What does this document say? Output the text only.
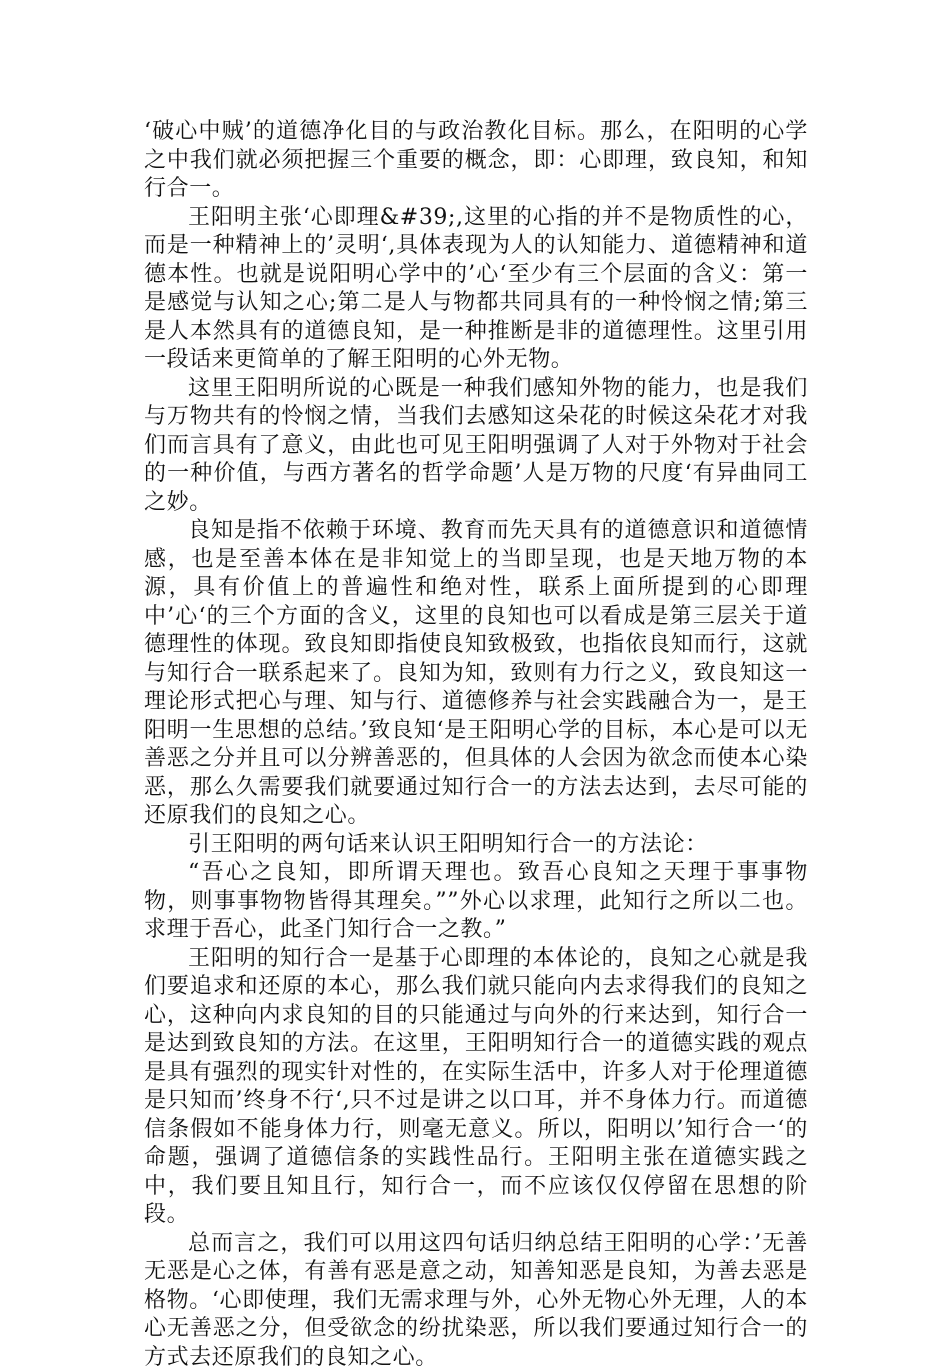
‘破心中贼’的道德净化目的与政治教化目标。那么，在阳明的心学之中我们就必须把握三个重要的概念，即：心即理，致良知，和知行合一。

王阳明主张‘心即理&#39;,这里的心指的并不是物质性的心，而是一种精神上的’灵明‘,具体表现为人的认知能力、道德精神和道德本性。也就是说阳明心学中的’心‘至少有三个层面的含义：第一是感觉与认知之心;第二是人与物都共同具有的一种怜悯之情;第三是人本然具有的道德良知，是一种推断是非的道德理性。这里引用一段话来更简单的了解王阳明的心外无物。

这里王阳明所说的心既是一种我们感知外物的能力，也是我们与万物共有的怜悯之情，当我们去感知这朵花的时候这朵花才对我们而言具有了意义，由此也可见王阳明强调了人对于外物对于社会的一种价值，与西方著名的哲学命题’人是万物的尺度‘有异曲同工之妙。

良知是指不依赖于环境、教育而先天具有的道德意识和道德情感，也是至善本体在是非知觉上的当即呈现，也是天地万物的本源，具有价值上的普遍性和绝对性，联系上面所提到的心即理中’心‘的三个方面的含义，这里的良知也可以看成是第三层关于道德理性的体现。致良知即指使良知致极致，也指依良知而行，这就与知行合一联系起来了。良知为知，致则有力行之义，致良知这一理论形式把心与理、知与行、道德修养与社会实践融合为一，是王阳明一生思想的总结。’致良知‘是王阳明心学的目标，本心是可以无善恶之分并且可以分辨善恶的，但具体的人会因为欲念而使本心染恶，那么久需要我们就要通过知行合一的方法去达到，去尽可能的还原我们的良知之心。

引王阳明的两句话来认识王阳明知行合一的方法论：

“吾心之良知，即所谓天理也。致吾心良知之天理于事事物物，则事事物物皆得其理矣。””外心以求理，此知行之所以二也。求理于吾心，此圣门知行合一之教。”

王阳明的知行合一是基于心即理的本体论的，良知之心就是我们要追求和还原的本心，那么我们就只能向内去求得我们的良知之心，这种向内求良知的目的只能通过与向外的行来达到，知行合一是达到致良知的方法。在这里，王阳明知行合一的道德实践的观点是具有强烈的现实针对性的，在实际生活中，许多人对于伦理道德是只知而’终身不行‘,只不过是讲之以口耳，并不身体力行。而道德信条假如不能身体力行，则毫无意义。所以，阳明以’知行合一‘的命题，强调了道德信条的实践性品行。王阳明主张在道德实践之中，我们要且知且行，知行合一，而不应该仅仅停留在思想的阶段。

总而言之，我们可以用这四句话归纳总结王阳明的心学：’无善无恶是心之体，有善有恶是意之动，知善知恶是良知，为善去恶是格物。‘心即使理，我们无需求理与外，心外无物心外无理，人的本心无善恶之分，但受欲念的纷扰染恶，所以我们要通过知行合一的方式去还原我们的良知之心。
